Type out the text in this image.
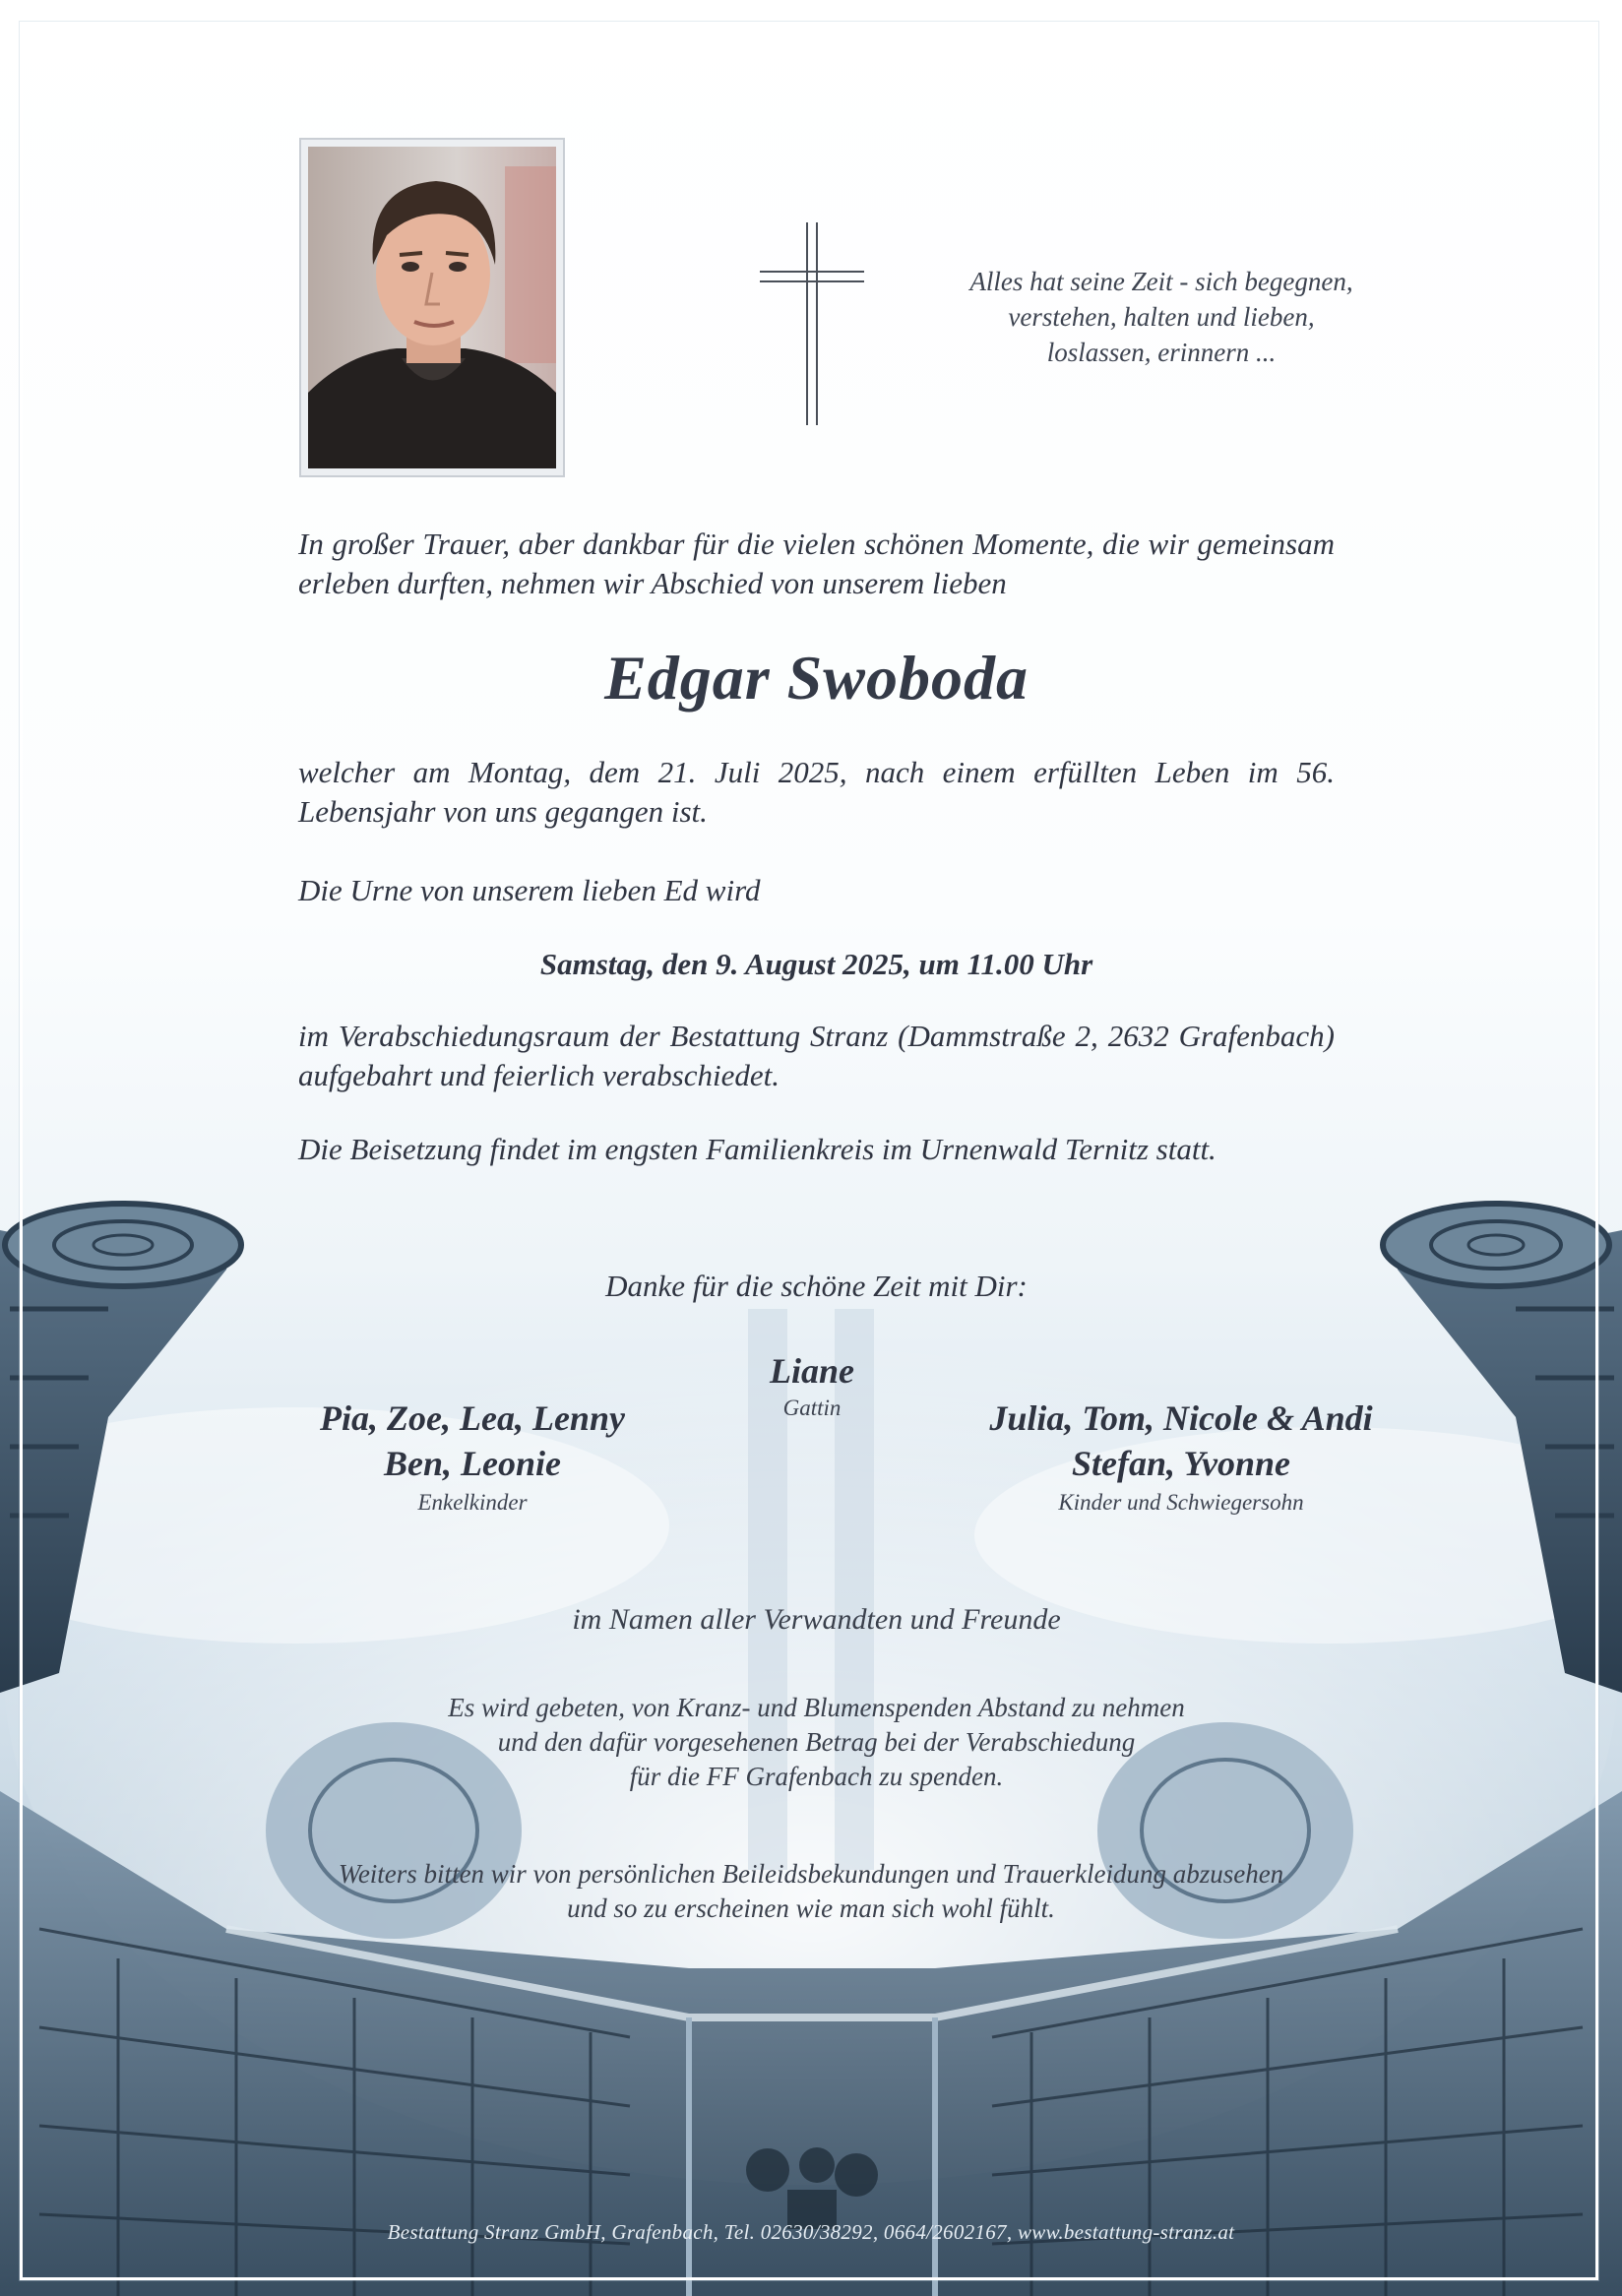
Alles hat seine Zeit - sich begegnen,
verstehen, halten und lieben,
loslassen, erinnern ...
In großer Trauer, aber dankbar für die vielen schönen Momente, die wir gemeinsam erleben durften, nehmen wir Abschied von unserem lieben
Edgar Swoboda
welcher am Montag, dem 21. Juli 2025, nach einem erfüllten Leben im 56. Lebensjahr von uns gegangen ist.
Die Urne von unserem lieben Ed wird
Samstag, den 9. August 2025, um 11.00 Uhr
im Verabschiedungsraum der Bestattung Stranz (Dammstraße 2, 2632 Grafenbach) aufgebahrt und feierlich verabschiedet.
Die Beisetzung findet im engsten Familienkreis im Urnenwald Ternitz statt.
Danke für die schöne Zeit mit Dir:
Liane
Gattin
Pia, Zoe, Lea, Lenny
Ben, Leonie
Enkelkinder
Julia, Tom, Nicole & Andi
Stefan, Yvonne
Kinder und Schwiegersohn
im Namen aller Verwandten und Freunde
Es wird gebeten, von Kranz- und Blumenspenden Abstand zu nehmen
und den dafür vorgesehenen Betrag bei der Verabschiedung
für die FF Grafenbach zu spenden.
Weiters bitten wir von persönlichen Beileidsbekundungen und Trauerkleidung abzusehen
und so zu erscheinen wie man sich wohl fühlt.
Bestattung Stranz GmbH, Grafenbach, Tel. 02630/38292, 0664/2602167, www.bestattung-stranz.at
